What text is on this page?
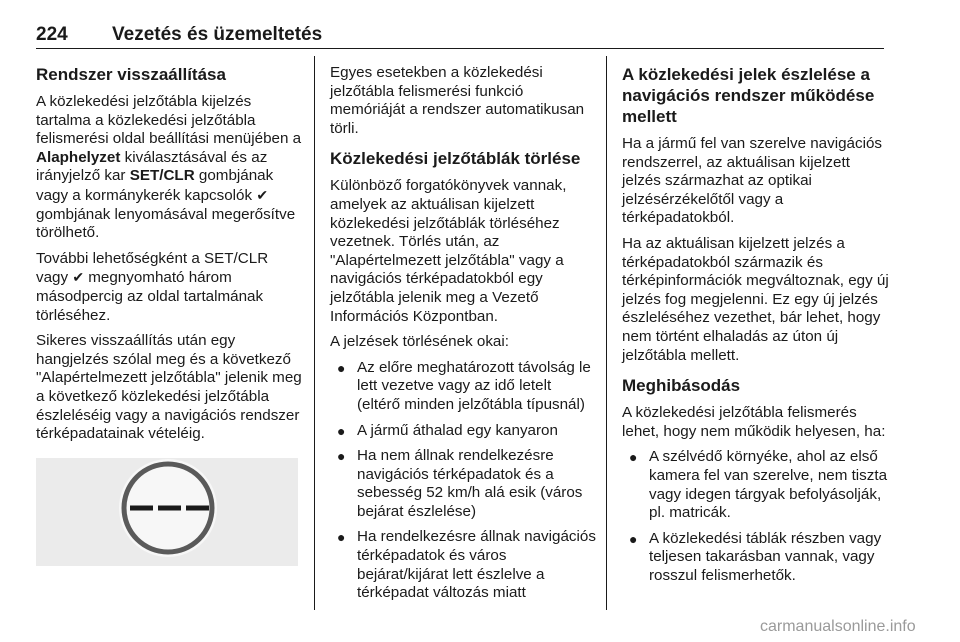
224 Vezetés és üzemeltetés
Rendszer visszaállítása

A közlekedési jelzőtábla kijelzés tartalma a közlekedési jelzőtábla felismerési oldal beállítási menüjében a Alaphelyzet kiválasztásával és az irányjelző kar SET/CLR gombjának vagy a kormánykerék kapcsolók ✔ gombjának lenyomásával megerősítve törölhető.

További lehetőségként a SET/CLR vagy ✔ megnyomható három másodpercig az oldal tartalmának törléséhez.

Sikeres visszaállítás után egy hangjelzés szólal meg és a következő "Alapértelmezett jelzőtábla" jelenik meg a következő közlekedési jelzőtábla észleléséig vagy a navigációs rendszer térképadatainak vételéig.

Egyes esetekben a közlekedési jelzőtábla felismerési funkció memóriáját a rendszer automatikusan törli.

Közlekedési jelzőtáblák törlése

Különböző forgatókönyvek vannak, amelyek az aktuálisan kijelzett közlekedési jelzőtáblák törléséhez vezetnek. Törlés után, az "Alapértelmezett jelzőtábla" vagy a navigációs térképadatokból egy jelzőtábla jelenik meg a Vezető Információs Központban.

A jelzések törlésének okai:

● Az előre meghatározott távolság le lett vezetve vagy az idő letelt (eltérő minden jelzőtábla típusnál)
● A jármű áthalad egy kanyaron
● Ha nem állnak rendelkezésre navigációs térképadatok és a sebesség 52 km/h alá esik (város bejárat észlelése)
● Ha rendelkezésre állnak navigációs térképadatok és város bejárat/kijárat lett észlelve a térképadat változás miatt
A közlekedési jelek észlelése a navigációs rendszer működése mellett

Ha a jármű fel van szerelve navigációs rendszerrel, az aktuálisan kijelzett jelzés származhat az optikai jelzésérzékelőtől vagy a térképadatokból.

Ha az aktuálisan kijelzett jelzés a térképadatokból származik és térképinformációk megváltoznak, egy új jelzés fog megjelenni. Ez egy új jelzés észleléséhez vezethet, bár lehet, hogy nem történt elhaladás az úton új jelzőtábla mellett.

Meghibásodás

A közlekedési jelzőtábla felismerés lehet, hogy nem működik helyesen, ha:

● A szélvédő környéke, ahol az első kamera fel van szerelve, nem tiszta vagy idegen tárgyak befolyásolják, pl. matricák.
● A közlekedési táblák részben vagy teljesen takarásban vannak, vagy rosszul felismerhetők.
carmanualsonline.info
